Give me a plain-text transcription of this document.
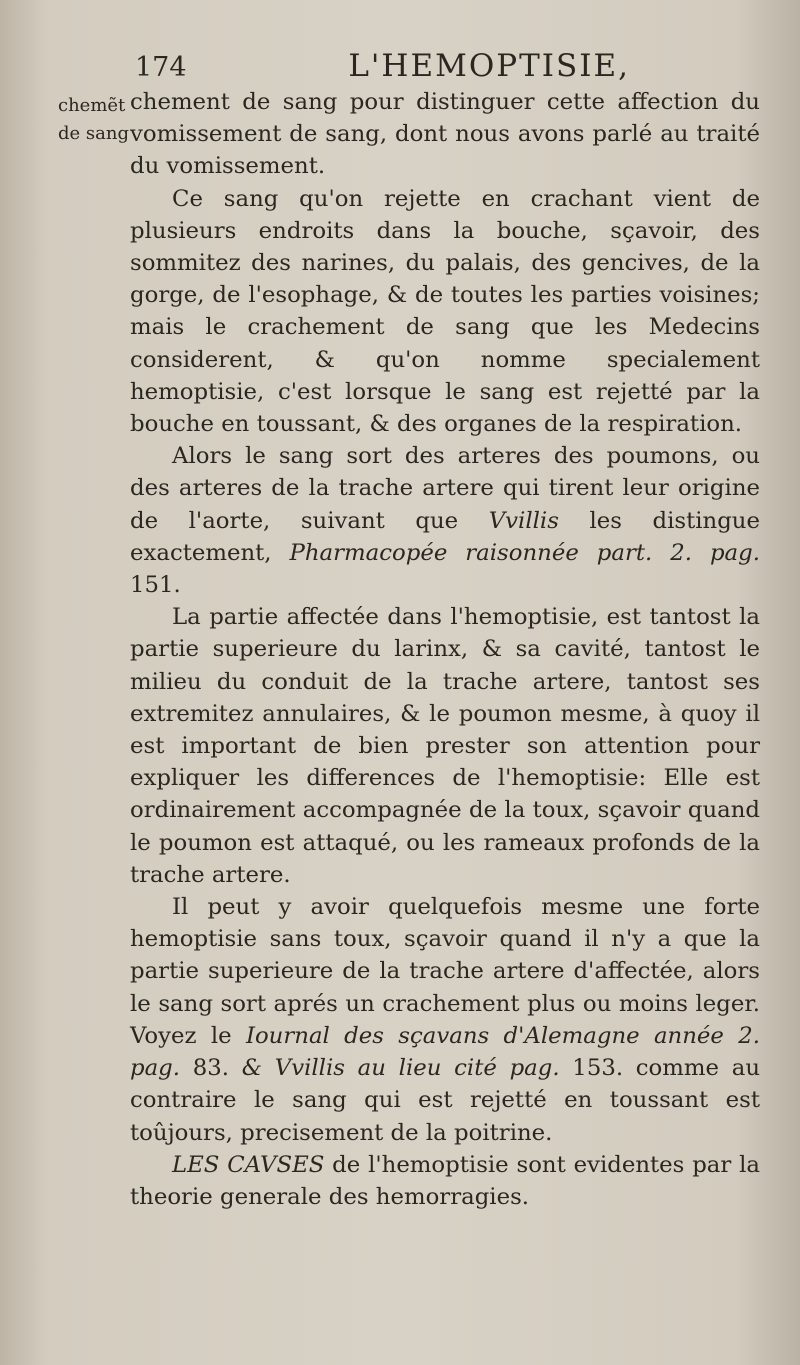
174	L'HEMOPTISIE,
chemẽt
de sang

chement de sang pour distinguer cette affection du vomissement de sang, dont nous avons parlé au traité du vomissement.

Ce sang qu'on rejette en crachant vient de plusieurs endroits dans la bouche, sçavoir, des sommitez des narines, du palais, des gencives, de la gorge, de l'esophage, & de toutes les parties voisines; mais le crachement de sang que les Medecins considerent, & qu'on nomme specialement hemoptisie, c'est lorsque le sang est rejetté par la bouche en toussant, & des organes de la respiration.

Alors le sang sort des arteres des poumons, ou des arteres de la trache artere qui tirent leur origine de l'aorte, suivant que Vvillis les distingue exactement, Pharmacopée raisonnée part. 2. pag. 151.

La partie affectée dans l'hemoptisie, est tantost la partie superieure du larinx, & sa cavité, tantost le milieu du conduit de la trache artere, tantost ses extremitez annulaires, & le poumon mesme, à quoy il est important de bien prester son attention pour expliquer les differences de l'hemoptisie: Elle est ordinairement accompagnée de la toux, sçavoir quand le poumon est attaqué, ou les rameaux profonds de la trache artere.

Il peut y avoir quelquefois mesme une forte hemoptisie sans toux, sçavoir quand il n'y a que la partie superieure de la trache artere d'affectée, alors le sang sort aprés un crachement plus ou moins leger. Voyez le Iournal des sçavans d'Alemagne année 2. pag. 83. & Vvillis au lieu cité pag. 153. comme au contraire le sang qui est rejetté en toussant est toûjours, precisement de la poitrine.

LES CAVSES de l'hemoptisie sont evidentes par la theorie generale des hemorragies.
